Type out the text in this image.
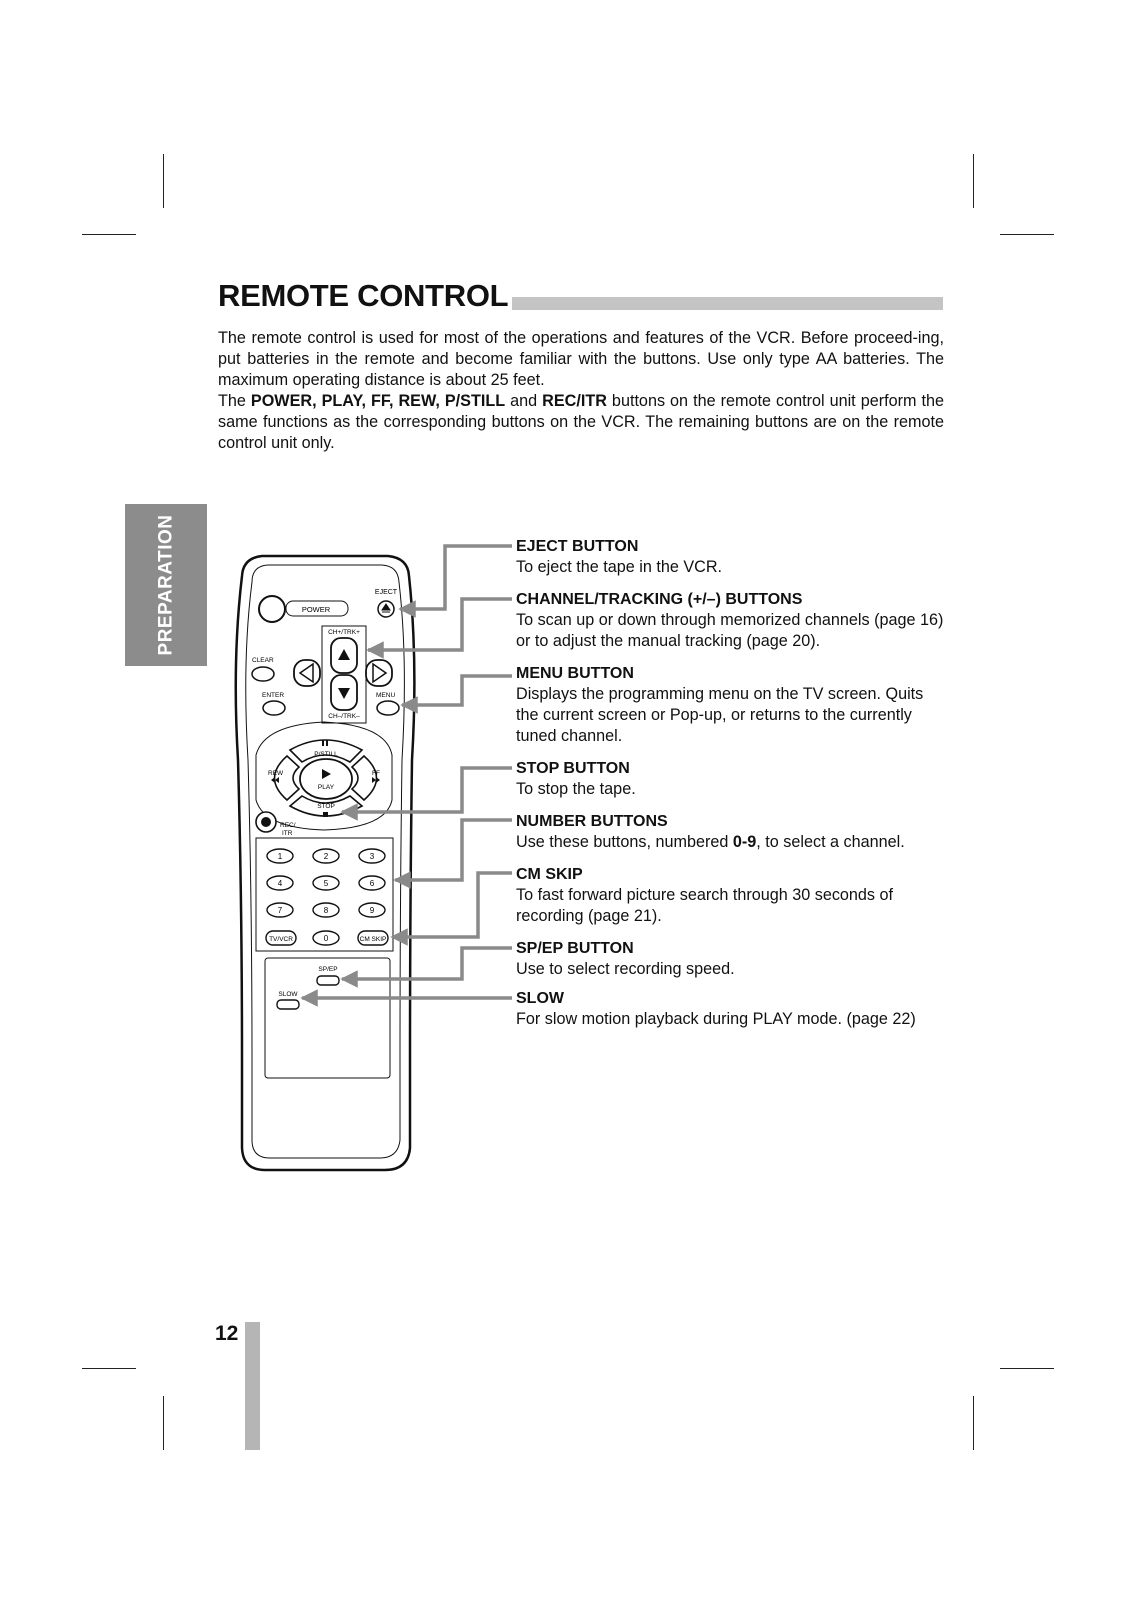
REMOTE CONTROL

The remote control is used for most of the operations and features of the VCR. Before proceed-ing, put batteries in the remote and become familiar with the buttons. Use only type AA batteries. The maximum operating distance is about 25 feet.

The POWER, PLAY, FF, REW, P/STILL and REC/ITR buttons on the remote control unit perform the same functions as the corresponding buttons on the VCR. The remaining buttons are on the remote control unit only.

PREPARATION	POWER
EJECT
CH+/TRK+
CH–/TRK–
CLEAR
ENTER	MENU
P/STILL
REW	FF
PLAY
STOP
REC/
ITR
1	2	3
4	5	6
7	8	9
0
TV/VCR	CM SKIP
SP/EP
SLOW
EJECT BUTTON
To eject the tape in the VCR.
CHANNEL/TRACKING (+/–) BUTTONS
To scan up or down through memorized channels (page 16) or to adjust the manual tracking (page 20).
MENU BUTTON
Displays the programming menu on the TV screen. Quits the current screen or Pop-up, or returns to the currently tuned channel.
STOP BUTTON
To stop the tape.
NUMBER BUTTONS
Use these buttons, numbered 0-9, to select a channel.
CM SKIP
To fast forward picture search through 30 seconds of recording (page 21).
SP/EP BUTTON
Use to select recording speed.
SLOW
For slow motion playback during PLAY mode. (page 22)
12
